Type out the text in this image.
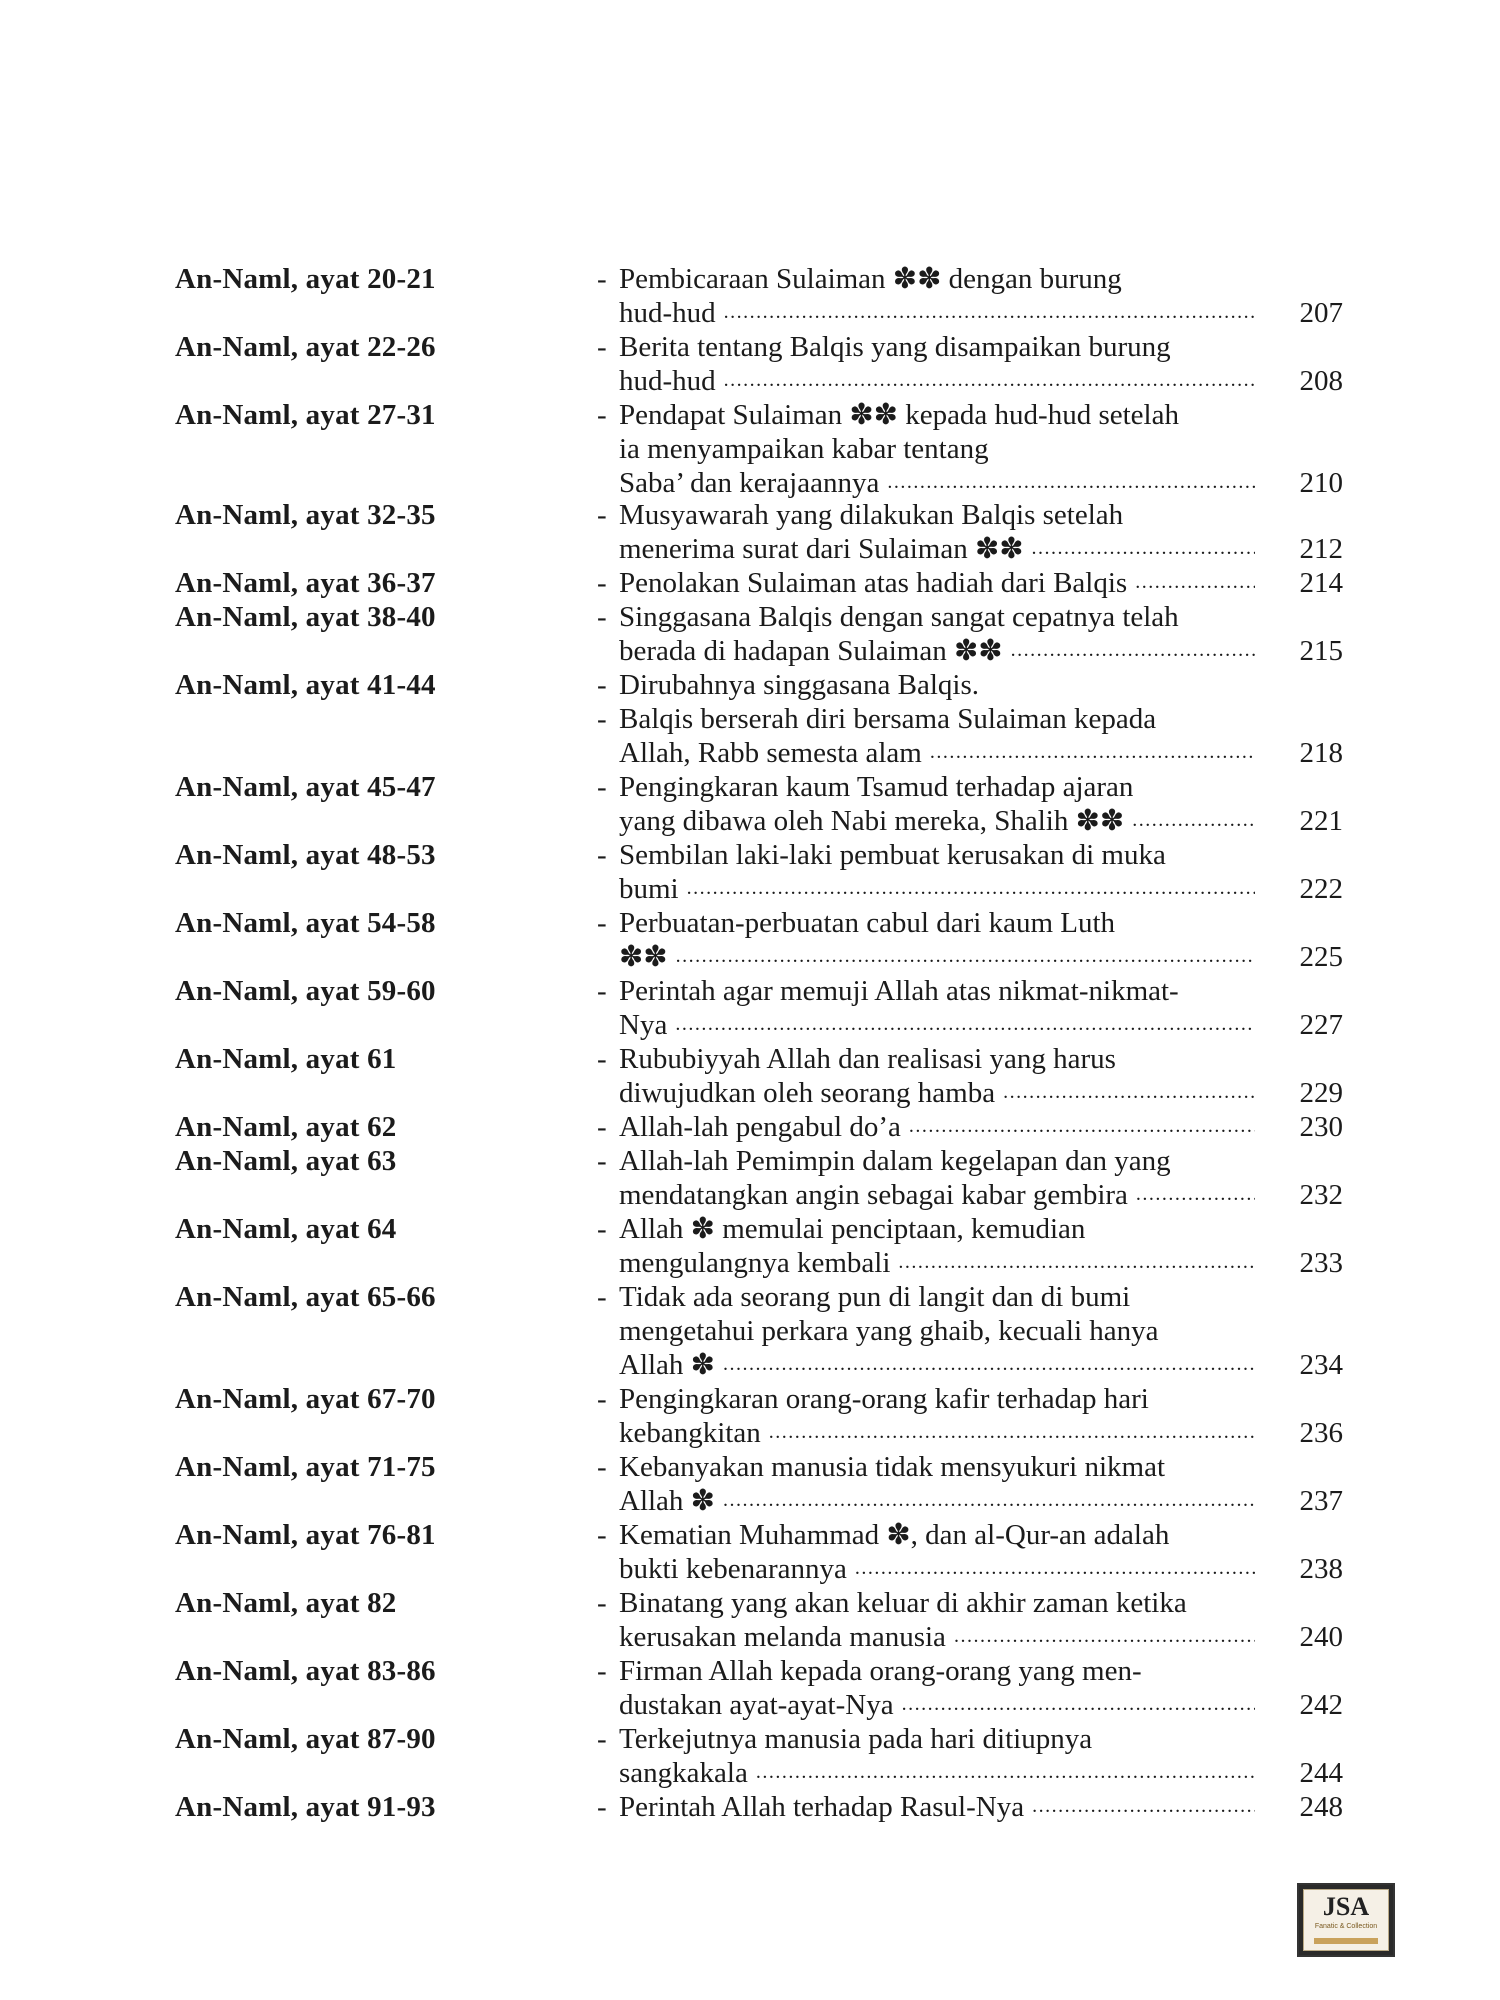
An-Naml, ayat 20-21	- Pembicaraan Sulaiman ✽✽ dengan burung
hud-hud .....	207
An-Naml, ayat 22-26	- Berita tentang Balqis yang disampaikan burung
hud-hud .....	208
An-Naml, ayat 27-31	- Pendapat Sulaiman ✽✽ kepada hud-hud setelah
ia menyampaikan kabar tentang
Saba’ dan kerajaannya .....	210
An-Naml, ayat 32-35	- Musyawarah yang dilakukan Balqis setelah
menerima surat dari Sulaiman ✽✽ .....	212
An-Naml, ayat 36-37	- Penolakan Sulaiman atas hadiah dari Balqis .....	214
An-Naml, ayat 38-40	- Singgasana Balqis dengan sangat cepatnya telah
berada di hadapan Sulaiman ✽✽ .....	215
An-Naml, ayat 41-44	- Dirubahnya singgasana Balqis.
- Balqis berserah diri bersama Sulaiman kepada
Allah, Rabb semesta alam .....	218
An-Naml, ayat 45-47	- Pengingkaran kaum Tsamud terhadap ajaran
yang dibawa oleh Nabi mereka, Shalih ✽✽ .....	221
An-Naml, ayat 48-53	- Sembilan laki-laki pembuat kerusakan di muka
bumi .....	222
An-Naml, ayat 54-58	- Perbuatan-perbuatan cabul dari kaum Luth
✽✽ .....	225
An-Naml, ayat 59-60	- Perintah agar memuji Allah atas nikmat-nikmat-
Nya .....	227
An-Naml, ayat 61	- Rububiyyah Allah dan realisasi yang harus
diwujudkan oleh seorang hamba .....	229
An-Naml, ayat 62	- Allah-lah pengabul do’a .....	230
An-Naml, ayat 63	- Allah-lah Pemimpin dalam kegelapan dan yang
mendatangkan angin sebagai kabar gembira .....	232
An-Naml, ayat 64	- Allah ✽ memulai penciptaan, kemudian
mengulangnya kembali .....	233
An-Naml, ayat 65-66	- Tidak ada seorang pun di langit dan di bumi
mengetahui perkara yang ghaib, kecuali hanya
Allah ✽ .....	234
An-Naml, ayat 67-70	- Pengingkaran orang-orang kafir terhadap hari
kebangkitan .....	236
An-Naml, ayat 71-75	- Kebanyakan manusia tidak mensyukuri nikmat
Allah ✽ .....	237
An-Naml, ayat 76-81	- Kematian Muhammad ✽, dan al-Qur-an adalah
bukti kebenarannya .....	238
An-Naml, ayat 82	- Binatang yang akan keluar di akhir zaman ketika
kerusakan melanda manusia .....	240
An-Naml, ayat 83-86	- Firman Allah kepada orang-orang yang men-
dustakan ayat-ayat-Nya .....	242
An-Naml, ayat 87-90	- Terkejutnya manusia pada hari ditiupnya
sangkakala .....	244
An-Naml, ayat 91-93	- Perintah Allah terhadap Rasul-Nya .....	248
JSA
Fanatic & Collection
